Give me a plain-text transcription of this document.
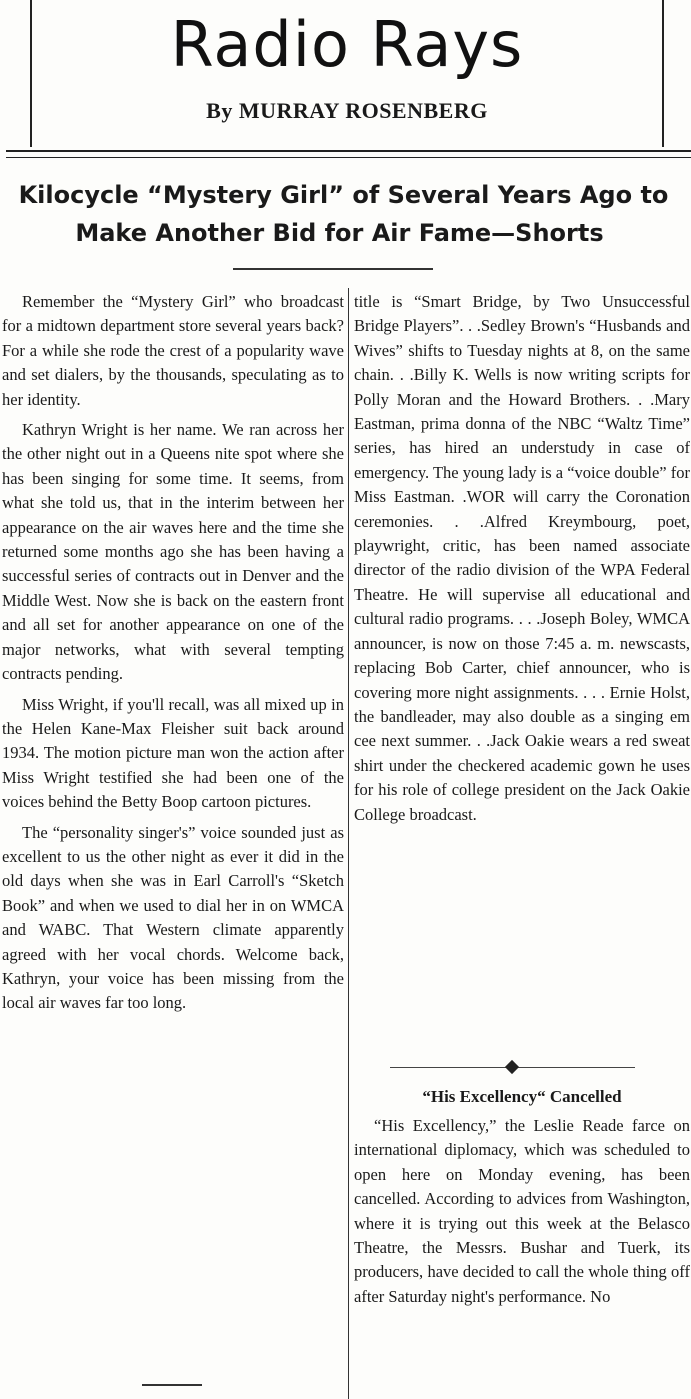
Radio Rays
By MURRAY ROSENBERG
Kilocycle “Mystery Girl” of Several Years Ago to
Make Another Bid for Air Fame—Shorts

Remember the “Mystery Girl” who broadcast for a midtown department store several years back? For a while she rode the crest of a popularity wave and set dialers, by the thousands, speculating as to her identity.

Kathryn Wright is her name. We ran across her the other night out in a Queens nite spot where she has been singing for some time. It seems, from what she told us, that in the interim between her appearance on the air waves here and the time she returned some months ago she has been having a successful series of contracts out in Denver and the Middle West. Now she is back on the eastern front and all set for another appearance on one of the major networks, what with several tempting contracts pending.

Miss Wright, if you'll recall, was all mixed up in the Helen Kane-Max Fleisher suit back around 1934. The motion picture man won the action after Miss Wright testified she had been one of the voices behind the Betty Boop cartoon pictures.

The “personality singer's” voice sounded just as excellent to us the other night as ever it did in the old days when she was in Earl Carroll's “Sketch Book” and when we used to dial her in on WMCA and WABC. That Western climate apparently agreed with her vocal chords. Welcome back, Kathryn, your voice has been missing from the local air waves far too long.

title is “Smart Bridge, by Two Unsuccessful Bridge Players”. . .Sedley Brown's “Husbands and Wives” shifts to Tuesday nights at 8, on the same chain. . .Billy K. Wells is now writing scripts for Polly Moran and the Howard Brothers. . .Mary Eastman, prima donna of the NBC “Waltz Time” series, has hired an understudy in case of emergency. The young lady is a “voice double” for Miss Eastman. .WOR will carry the Coronation ceremonies. . .Alfred Kreymbourg, poet, playwright, critic, has been named associate director of the radio division of the WPA Federal Theatre. He will supervise all educational and cultural radio programs. . . .Joseph Boley, WMCA announcer, is now on those 7:45 a. m. newscasts, replacing Bob Carter, chief announcer, who is covering more night assignments. . . . Ernie Holst, the bandleader, may also double as a singing em cee next summer. . .Jack Oakie wears a red sweat shirt under the checkered academic gown he uses for his role of college president on the Jack Oakie College broadcast.

“His Excellency“ Cancelled

“His Excellency,” the Leslie Reade farce on international diplomacy, which was scheduled to open here on Monday evening, has been cancelled. According to advices from Washington, where it is trying out this week at the Belasco Theatre, the Messrs. Bushar and Tuerk, its producers, have decided to call the whole thing off after Saturday night's performance. No
